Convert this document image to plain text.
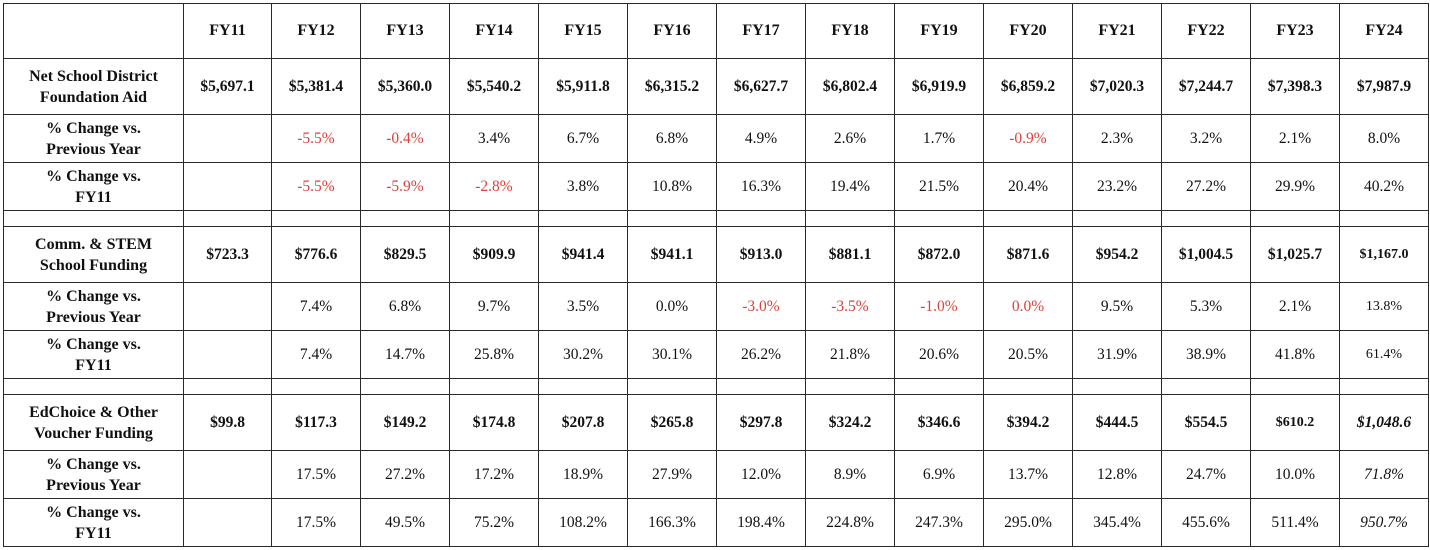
	FY11	FY12	FY13	FY14	FY15	FY16	FY17	FY18	FY19	FY20	FY21	FY22	FY23	FY24

Net School District
Foundation Aid	$5,697.1	$5,381.4	$5,360.0	$5,540.2	$5,911.8	$6,315.2	$6,627.7	$6,802.4	$6,919.9	$6,859.2	$7,020.3	$7,244.7	$7,398.3	$7,987.9

% Change vs.
Previous Year		-5.5%	-0.4%	3.4%	6.7%	6.8%	4.9%	2.6%	1.7%	-0.9%	2.3%	3.2%	2.1%	8.0%

% Change vs.
FY11		-5.5%	-5.9%	-2.8%	3.8%	10.8%	16.3%	19.4%	21.5%	20.4%	23.2%	27.2%	29.9%	40.2%

Comm. & STEM
School Funding	$723.3	$776.6	$829.5	$909.9	$941.4	$941.1	$913.0	$881.1	$872.0	$871.6	$954.2	$1,004.5	$1,025.7	$1,167.0

% Change vs.
Previous Year		7.4%	6.8%	9.7%	3.5%	0.0%	-3.0%	-3.5%	-1.0%	0.0%	9.5%	5.3%	2.1%	13.8%

% Change vs.
FY11		7.4%	14.7%	25.8%	30.2%	30.1%	26.2%	21.8%	20.6%	20.5%	31.9%	38.9%	41.8%	61.4%

EdChoice & Other
Voucher Funding	$99.8	$117.3	$149.2	$174.8	$207.8	$265.8	$297.8	$324.2	$346.6	$394.2	$444.5	$554.5	$610.2	$1,048.6

% Change vs.
Previous Year		17.5%	27.2%	17.2%	18.9%	27.9%	12.0%	8.9%	6.9%	13.7%	12.8%	24.7%	10.0%	71.8%

% Change vs.
FY11		17.5%	49.5%	75.2%	108.2%	166.3%	198.4%	224.8%	247.3%	295.0%	345.4%	455.6%	511.4%	950.7%
